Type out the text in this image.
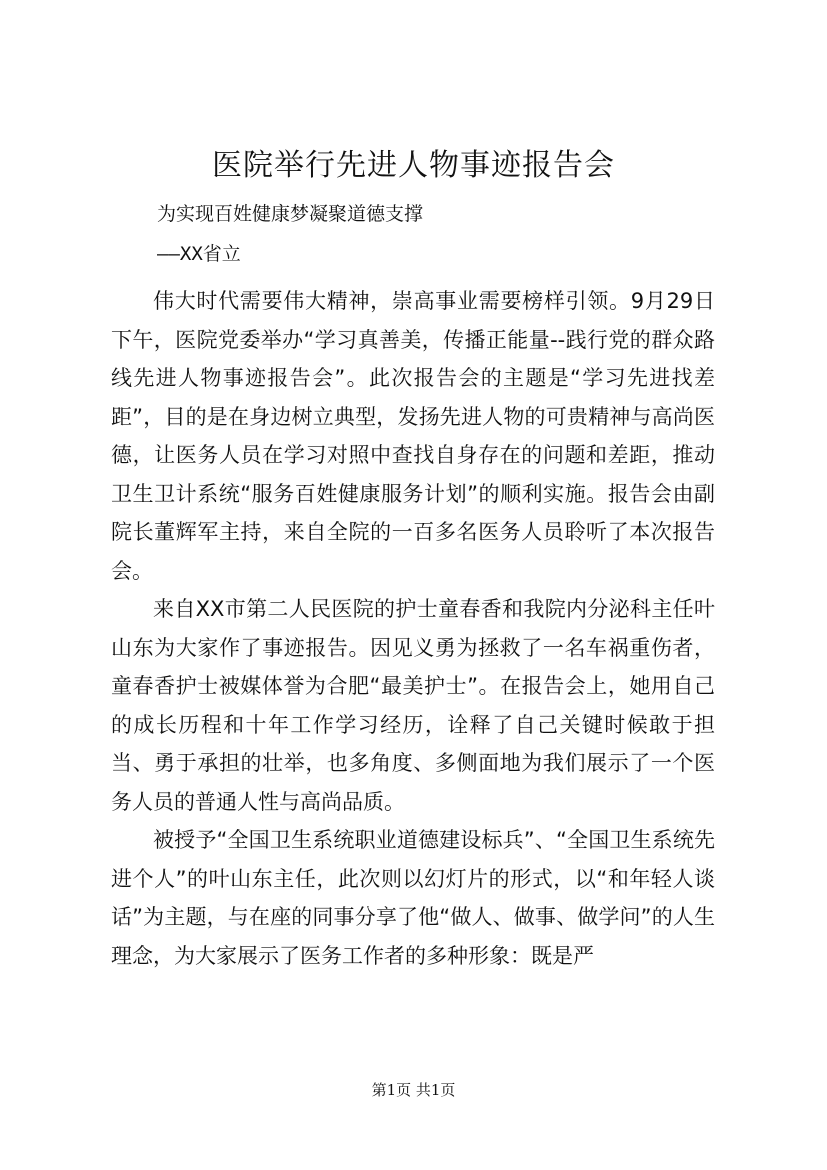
医院举行先进人物事迹报告会
为实现百姓健康梦凝聚道德支撑
——XX省立

伟大时代需要伟大精神，崇高事业需要榜样引领。9月29日下午，医院党委举办“学习真善美，传播正能量--践行党的群众路线先进人物事迹报告会”。此次报告会的主题是“学习先进找差距”，目的是在身边树立典型，发扬先进人物的可贵精神与高尚医德，让医务人员在学习对照中查找自身存在的问题和差距，推动卫生卫计系统“服务百姓健康服务计划”的顺利实施。报告会由副院长董辉军主持，来自全院的一百多名医务人员聆听了本次报告会。

来自XX市第二人民医院的护士童春香和我院内分泌科主任叶山东为大家作了事迹报告。因见义勇为拯救了一名车祸重伤者，童春香护士被媒体誉为合肥“最美护士”。在报告会上，她用自己的成长历程和十年工作学习经历，诠释了自己关键时候敢于担当、勇于承担的壮举，也多角度、多侧面地为我们展示了一个医务人员的普通人性与高尚品质。

被授予“全国卫生系统职业道德建设标兵”、“全国卫生系统先进个人”的叶山东主任，此次则以幻灯片的形式，以“和年轻人谈话”为主题，与在座的同事分享了他“做人、做事、做学问”的人生理念，为大家展示了医务工作者的多种形象：既是严

第1页 共1页
